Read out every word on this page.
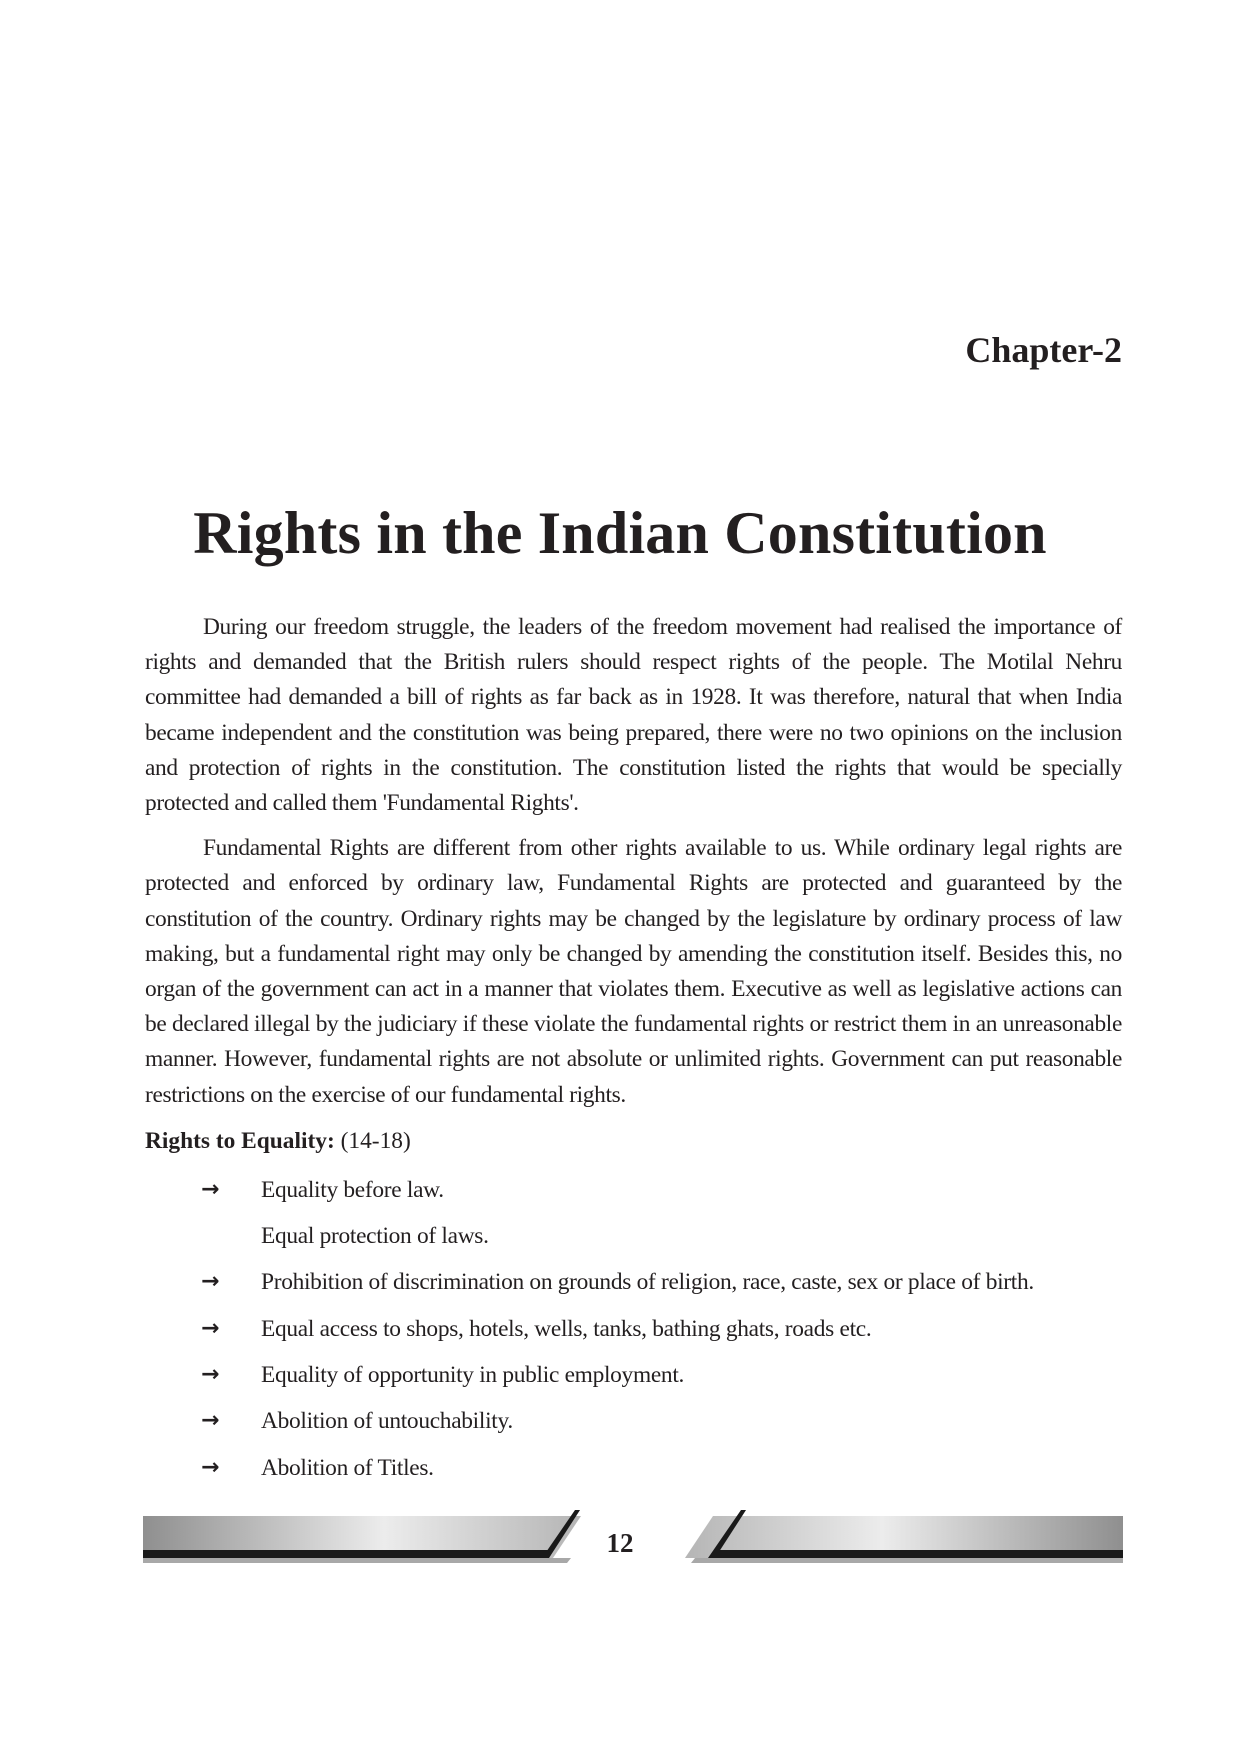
Chapter-2
Rights in the Indian Constitution

During our freedom struggle, the leaders of the freedom movement had realised the importance of rights and demanded that the British rulers should respect rights of the people. The Motilal Nehru committee had demanded a bill of rights as far back as in 1928. It was therefore, natural that when India became independent and the constitution was being prepared, there were no two opinions on the inclusion and protection of rights in the constitution. The constitution listed the rights that would be specially protected and called them 'Fundamental Rights'.

Fundamental Rights are different from other rights available to us. While ordinary legal rights are protected and enforced by ordinary law, Fundamental Rights are protected and guaranteed by the constitution of the country. Ordinary rights may be changed by the legislature by ordinary process of law making, but a fundamental right may only be changed by amending the constitution itself. Besides this, no organ of the government can act in a manner that violates them. Executive as well as legislative actions can be declared illegal by the judiciary if these violate the fundamental rights or restrict them in an unreasonable manner. However, fundamental rights are not absolute or unlimited rights. Government can put reasonable restrictions on the exercise of our fundamental rights.

Rights to Equality: (14-18)

→ Equality before law.
Equal protection of laws.
→ Prohibition of discrimination on grounds of religion, race, caste, sex or place of birth.
→ Equal access to shops, hotels, wells, tanks, bathing ghats, roads etc.
→ Equality of opportunity in public employment.
→ Abolition of untouchability.
→ Abolition of Titles.
12
